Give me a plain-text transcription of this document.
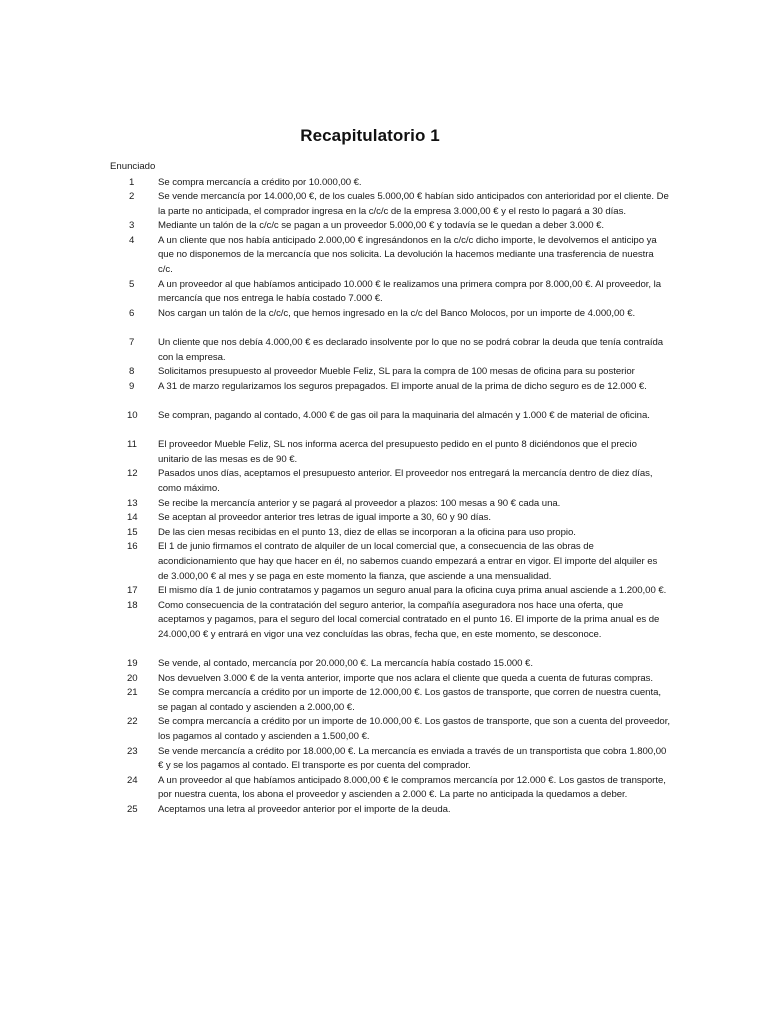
Recapitulatorio 1
Enunciado
1	Se compra mercancía a crédito por 10.000,00 €.
2	Se vende mercancía por 14.000,00 €, de los cuales 5.000,00 € habían sido anticipados con anterioridad por el cliente. De la parte no anticipada, el comprador ingresa en la c/c/c de la empresa 3.000,00 € y el resto lo pagará a 30 días.
3	Mediante un talón de la c/c/c se pagan a un proveedor 5.000,00 € y todavía se le quedan a deber 3.000 €.
4	A un cliente que nos había anticipado 2.000,00 € ingresándonos en la c/c/c dicho importe, le devolvemos el anticipo ya que no disponemos de la mercancía que nos solicita. La devolución la hacemos mediante una trasferencia de nuestra c/c.
5	A un proveedor al que habíamos anticipado 10.000 € le realizamos una primera compra por 8.000,00 €. Al proveedor, la mercancía que nos entrega le había costado 7.000 €.
6	Nos cargan un talón de la c/c/c, que hemos ingresado en la c/c del Banco Molocos, por un importe de 4.000,00 €.
7	Un cliente que nos debía 4.000,00 € es declarado insolvente por lo que no se podrá cobrar la deuda que tenía contraída con la empresa.
8	Solicitamos presupuesto al proveedor Mueble Feliz, SL para la compra de 100 mesas de oficina para su posterior
9	A 31 de marzo regularizamos los seguros prepagados. El importe anual de la prima de dicho seguro es de 12.000 €.
10	Se compran, pagando al contado, 4.000 € de gas oil para la maquinaria del almacén y 1.000 € de material de oficina.
11	El proveedor Mueble Feliz, SL nos informa acerca del presupuesto pedido en el punto 8 diciéndonos que el precio unitario de las mesas es de 90 €.
12	Pasados unos días, aceptamos el presupuesto anterior. El proveedor nos entregará la mercancía dentro de diez días, como máximo.
13	Se recibe la mercancía anterior y se pagará al proveedor a plazos: 100 mesas a 90 € cada una.
14	Se aceptan al proveedor anterior tres letras de igual importe a 30, 60 y 90 días.
15	De las cien mesas recibidas en el punto 13, diez de ellas se incorporan a la oficina para uso propio.
16	El 1 de junio firmamos el contrato de alquiler de un local comercial que, a consecuencia de las obras de acondicionamiento que hay que hacer en él, no sabemos cuando empezará a entrar en vigor. El importe del alquiler es de 3.000,00 € al mes y se paga en este momento la fianza, que asciende a una mensualidad.
17	El mismo día 1 de junio contratamos y pagamos un seguro anual para la oficina cuya prima anual asciende a 1.200,00 €.
18	Como consecuencia de la contratación del seguro anterior, la compañía aseguradora nos hace una oferta, que aceptamos y pagamos, para el seguro del local comercial contratado en el punto 16. El importe de la prima anual es de 24.000,00 € y entrará en vigor una vez concluídas las obras, fecha que, en este momento, se desconoce.
19	Se vende, al contado, mercancía por 20.000,00 €. La mercancía había costado 15.000 €.
20	Nos devuelven 3.000 € de la venta anterior, importe que nos aclara el cliente que queda a cuenta de futuras compras.
21	Se compra mercancía a crédito por un importe de 12.000,00 €. Los gastos de transporte, que corren de nuestra cuenta, se pagan al contado y ascienden a 2.000,00 €.
22	Se compra mercancía a crédito por un importe de 10.000,00 €. Los gastos de transporte, que son a cuenta del proveedor, los pagamos al contado y ascienden a 1.500,00 €.
23	Se vende mercancía a crédito por 18.000,00 €. La mercancía es enviada a través de un transportista que cobra 1.800,00 € y se los pagamos al contado. El transporte es por cuenta del comprador.
24	A un proveedor al que habíamos anticipado 8.000,00 € le compramos mercancía por 12.000 €. Los gastos de transporte, por nuestra cuenta, los abona el proveedor y ascienden a 2.000 €. La parte no anticipada la quedamos a deber.
25	Aceptamos una letra al proveedor anterior por el importe de la deuda.
